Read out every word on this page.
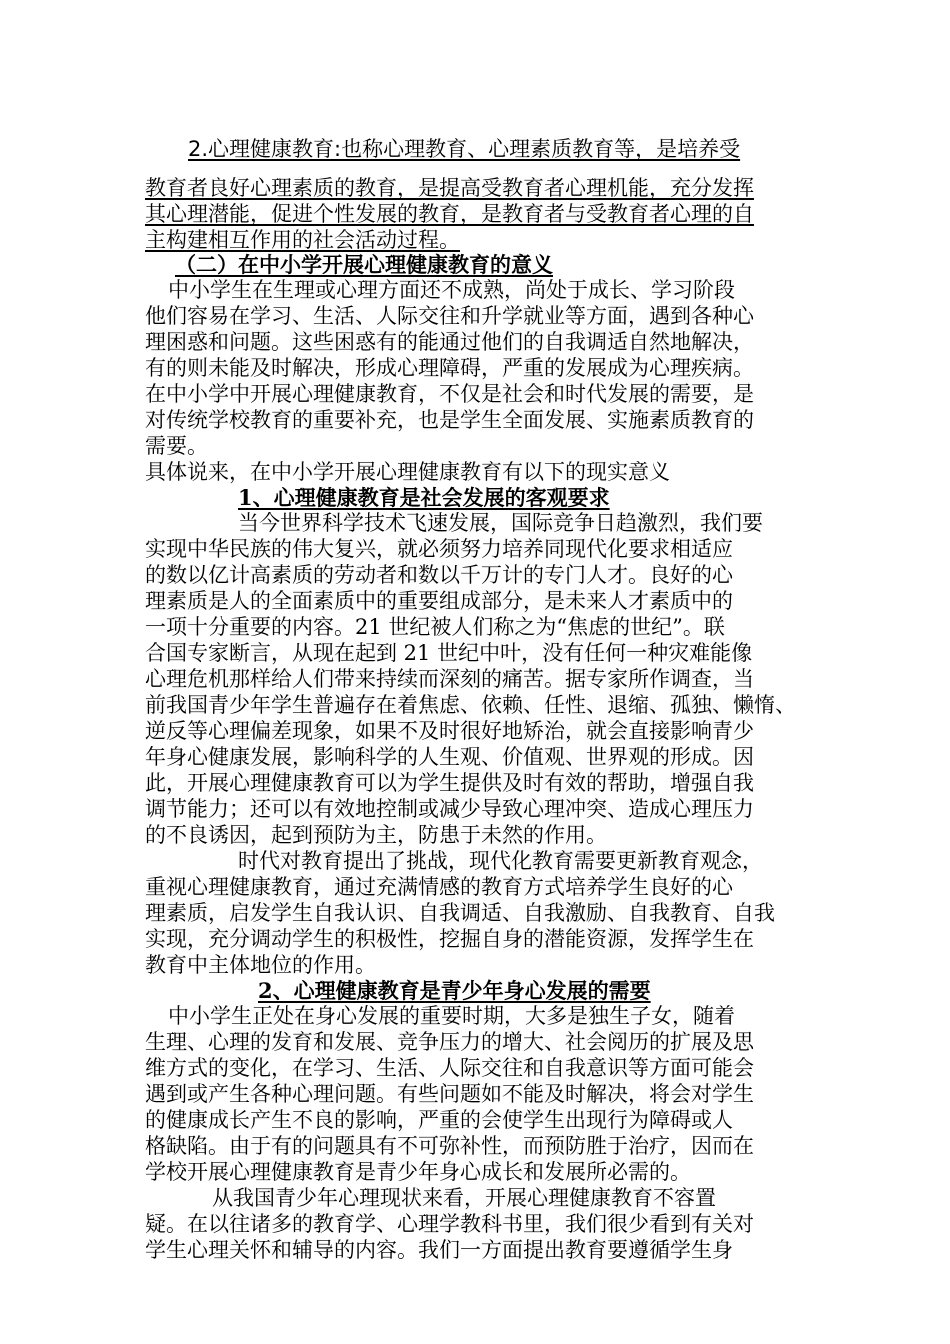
2.心理健康教育:也称心理教育、心理素质教育等，是培养受
教育者良好心理素质的教育，是提高受教育者心理机能，充分发挥
其心理潜能，促进个性发展的教育，是教育者与受教育者心理的自
主构建相互作用的社会活动过程。
（二）在中小学开展心理健康教育的意义
中小学生在生理或心理方面还不成熟，尚处于成长、学习阶段
他们容易在学习、生活、人际交往和升学就业等方面，遇到各种心
理困惑和问题。这些困惑有的能通过他们的自我调适自然地解决，
有的则未能及时解决，形成心理障碍，严重的发展成为心理疾病。
在中小学中开展心理健康教育，不仅是社会和时代发展的需要，是
对传统学校教育的重要补充，也是学生全面发展、实施素质教育的
需要。
具体说来，在中小学开展心理健康教育有以下的现实意义
1、心理健康教育是社会发展的客观要求
当今世界科学技术飞速发展，国际竞争日趋激烈，我们要
实现中华民族的伟大复兴，就必须努力培养同现代化要求相适应
的数以亿计高素质的劳动者和数以千万计的专门人才。良好的心
理素质是人的全面素质中的重要组成部分，是未来人才素质中的
一项十分重要的内容。21 世纪被人们称之为“焦虑的世纪”。联
合国专家断言，从现在起到 21 世纪中叶，没有任何一种灾难能像
心理危机那样给人们带来持续而深刻的痛苦。据专家所作调查，当
前我国青少年学生普遍存在着焦虑、依赖、任性、退缩、孤独、懒惰、
逆反等心理偏差现象，如果不及时很好地矫治，就会直接影响青少
年身心健康发展，影响科学的人生观、价值观、世界观的形成。因
此，开展心理健康教育可以为学生提供及时有效的帮助，增强自我
调节能力；还可以有效地控制或减少导致心理冲突、造成心理压力
的不良诱因，起到预防为主，防患于未然的作用。
时代对教育提出了挑战，现代化教育需要更新教育观念，
重视心理健康教育，通过充满情感的教育方式培养学生良好的心
理素质，启发学生自我认识、自我调适、自我激励、自我教育、自我
实现，充分调动学生的积极性，挖掘自身的潜能资源，发挥学生在
教育中主体地位的作用。
2、心理健康教育是青少年身心发展的需要
中小学生正处在身心发展的重要时期，大多是独生子女，随着
生理、心理的发育和发展、竞争压力的增大、社会阅历的扩展及思
维方式的变化，在学习、生活、人际交往和自我意识等方面可能会
遇到或产生各种心理问题。有些问题如不能及时解决，将会对学生
的健康成长产生不良的影响，严重的会使学生出现行为障碍或人
格缺陷。由于有的问题具有不可弥补性，而预防胜于治疗，因而在
学校开展心理健康教育是青少年身心成长和发展所必需的。
从我国青少年心理现状来看，开展心理健康教育不容置
疑。在以往诸多的教育学、心理学教科书里，我们很少看到有关对
学生心理关怀和辅导的内容。我们一方面提出教育要遵循学生身
